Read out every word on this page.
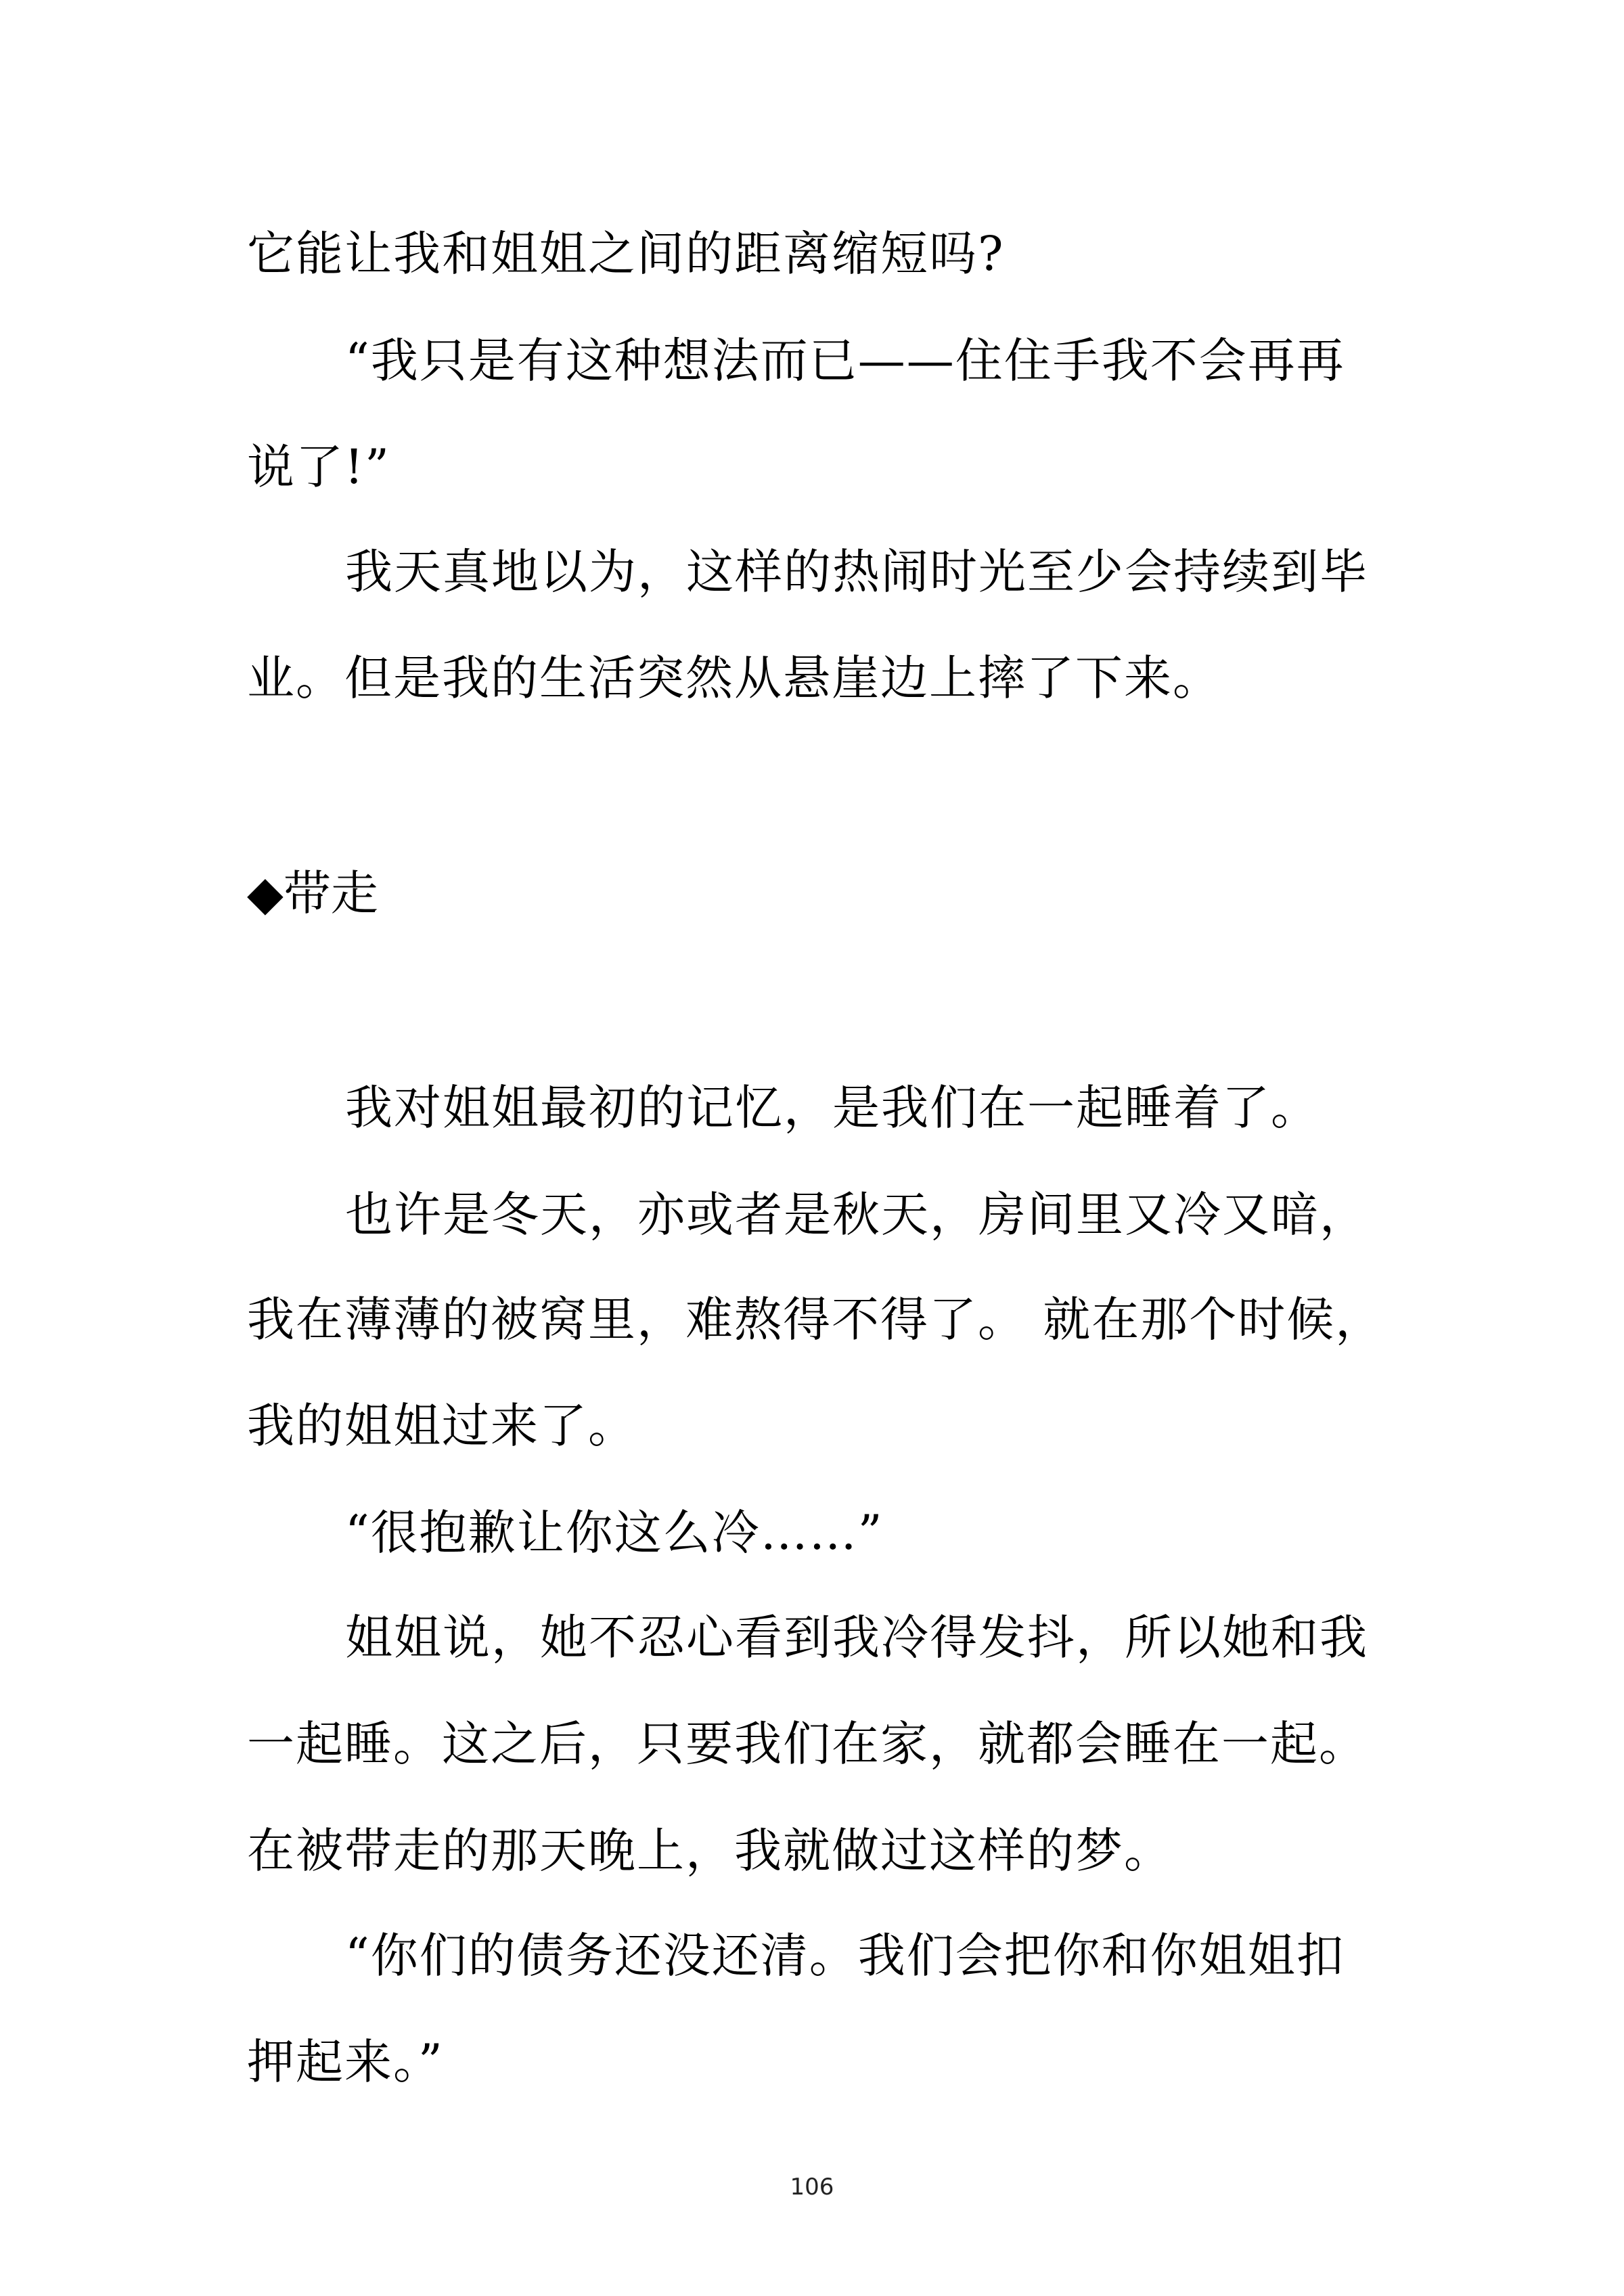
它能让我和姐姐之间的距离缩短吗?
“我只是有这种想法而已——住住手我不会再再
说了!”
我天真地以为，这样的热闹时光至少会持续到毕
业。但是我的生活突然从悬崖边上摔了下来。
◆带走
我对姐姐最初的记忆，是我们在一起睡着了。
也许是冬天，亦或者是秋天，房间里又冷又暗，
我在薄薄的被窝里，难熬得不得了。 就在那个时候，
我的姐姐过来了。
“很抱歉让你这么冷……”
姐姐说，她不忍心看到我冷得发抖，所以她和我
一起睡。这之后，只要我们在家，就都会睡在一起。
在被带走的那天晚上，我就做过这样的梦。
“你们的债务还没还清。我们会把你和你姐姐扣
押起来。”
106
